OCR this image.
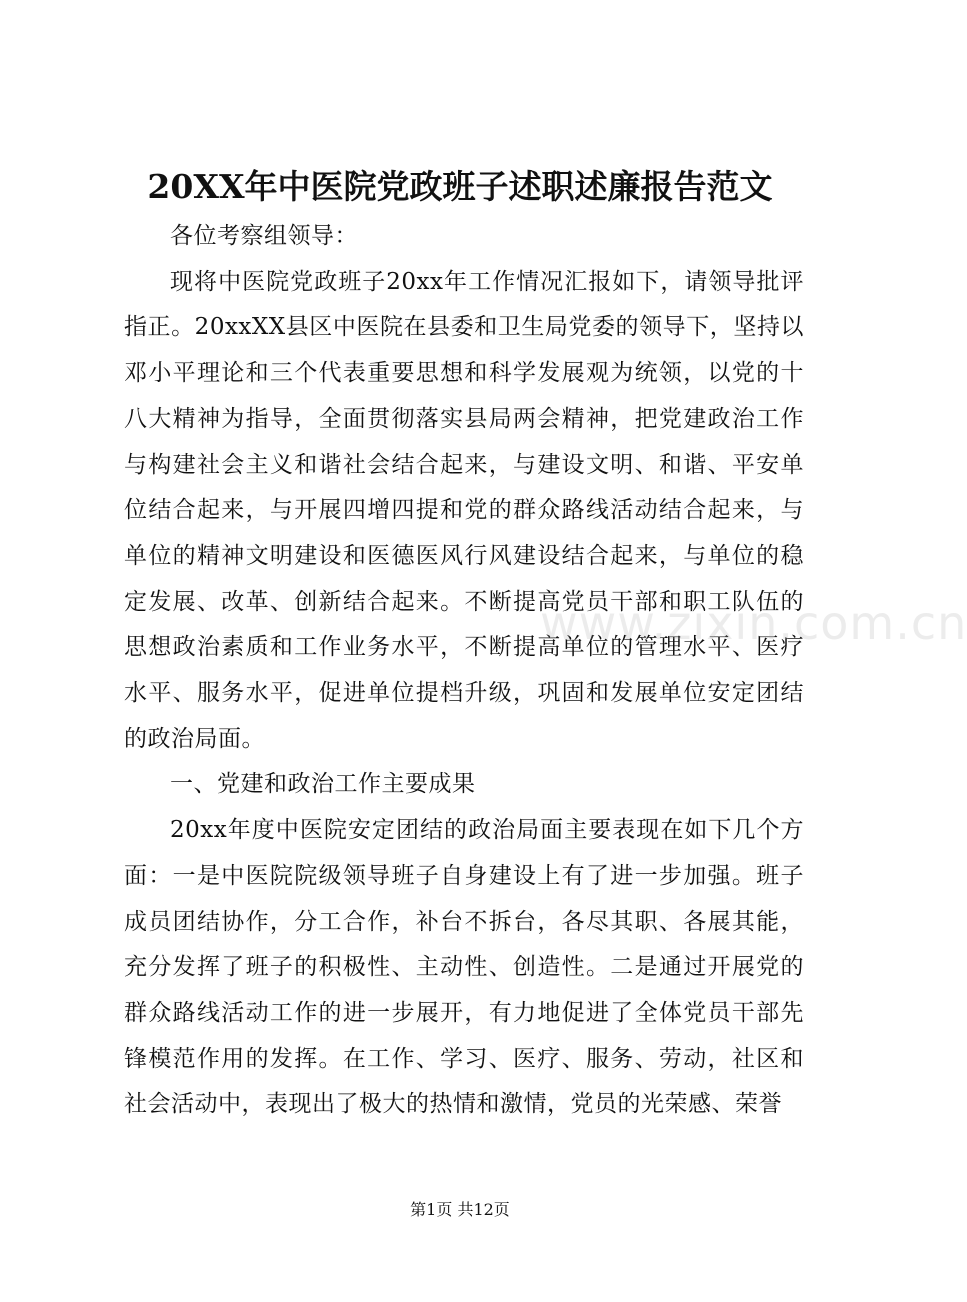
20XX年中医院党政班子述职述廉报告范文

各位考察组领导：

现将中医院党政班子20xx年工作情况汇报如下，请领导批评指正。20xxXX县区中医院在县委和卫生局党委的领导下，坚持以邓小平理论和三个代表重要思想和科学发展观为统领，以党的十八大精神为指导，全面贯彻落实县局两会精神，把党建政治工作与构建社会主义和谐社会结合起来，与建设文明、和谐、平安单位结合起来，与开展四增四提和党的群众路线活动结合起来，与单位的精神文明建设和医德医风行风建设结合起来，与单位的稳定发展、改革、创新结合起来。不断提高党员干部和职工队伍的思想政治素质和工作业务水平，不断提高单位的管理水平、医疗水平、服务水平，促进单位提档升级，巩固和发展单位安定团结的政治局面。

一、党建和政治工作主要成果

20xx年度中医院安定团结的政治局面主要表现在如下几个方面：一是中医院院级领导班子自身建设上有了进一步加强。班子成员团结协作，分工合作，补台不拆台，各尽其职、各展其能，充分发挥了班子的积极性、主动性、创造性。二是通过开展党的群众路线活动工作的进一步展开，有力地促进了全体党员干部先锋模范作用的发挥。在工作、学习、医疗、服务、劳动，社区和社会活动中，表现出了极大的热情和激情，党员的光荣感、荣誉

www.zixin.com.cn
第1页 共12页
